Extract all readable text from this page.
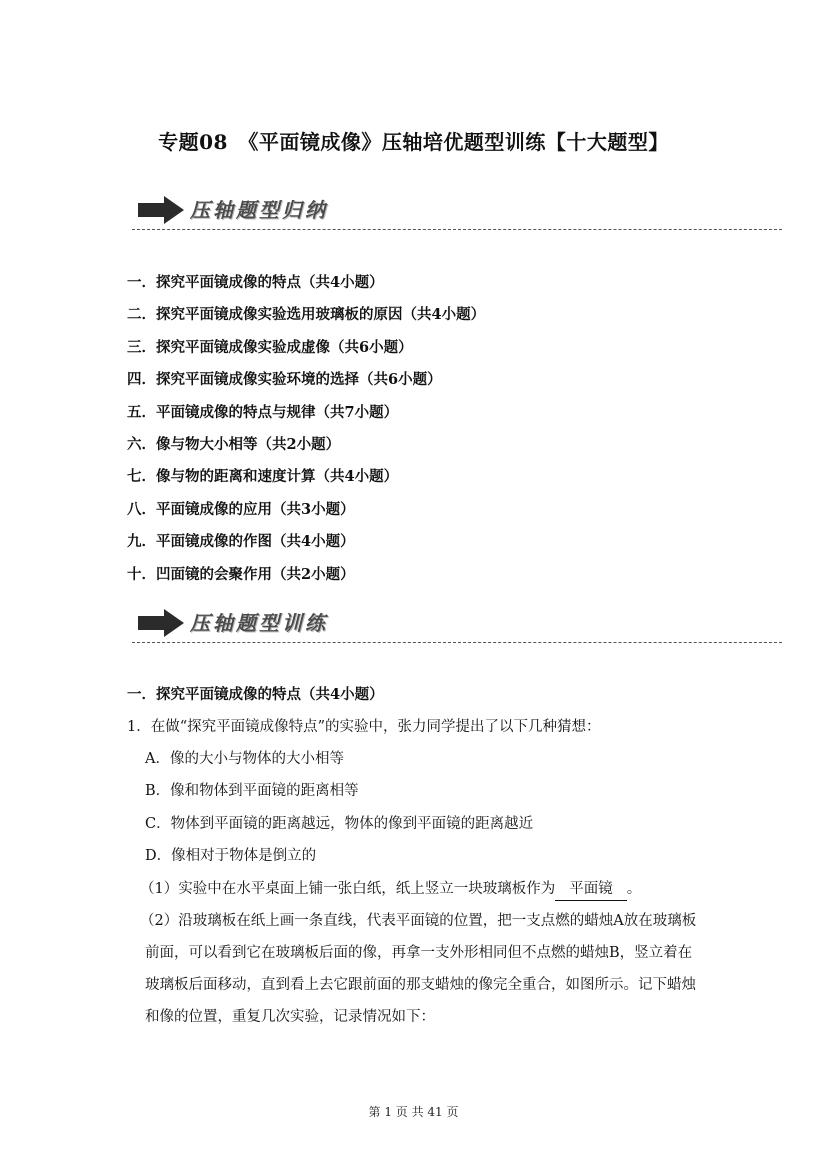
专题08　《平面镜成像》压轴培优题型训练【十大题型】
压轴题型归纳
一．探究平面镜成像的特点（共4小题）
二．探究平面镜成像实验选用玻璃板的原因（共4小题）
三．探究平面镜成像实验成虚像（共6小题）
四．探究平面镜成像实验环境的选择（共6小题）
五．平面镜成像的特点与规律（共7小题）
六．像与物大小相等（共2小题）
七．像与物的距离和速度计算（共4小题）
八．平面镜成像的应用（共3小题）
九．平面镜成像的作图（共4小题）
十．凹面镜的会聚作用（共2小题）
压轴题型训练
一．探究平面镜成像的特点（共4小题）
1．在做“探究平面镜成像特点”的实验中，张力同学提出了以下几种猜想：
A．像的大小与物体的大小相等
B．像和物体到平面镜的距离相等
C．物体到平面镜的距离越远，物体的像到平面镜的距离越近
D．像相对于物体是倒立的
（1）实验中在水平桌面上铺一张白纸，纸上竖立一块玻璃板作为 平面镜 。
（2）沿玻璃板在纸上画一条直线，代表平面镜的位置，把一支点燃的蜡烛A放在玻璃板
前面，可以看到它在玻璃板后面的像，再拿一支外形相同但不点燃的蜡烛B，竖立着在
玻璃板后面移动，直到看上去它跟前面的那支蜡烛的像完全重合，如图所示。记下蜡烛
和像的位置，重复几次实验，记录情况如下：
第 1 页 共 41 页
